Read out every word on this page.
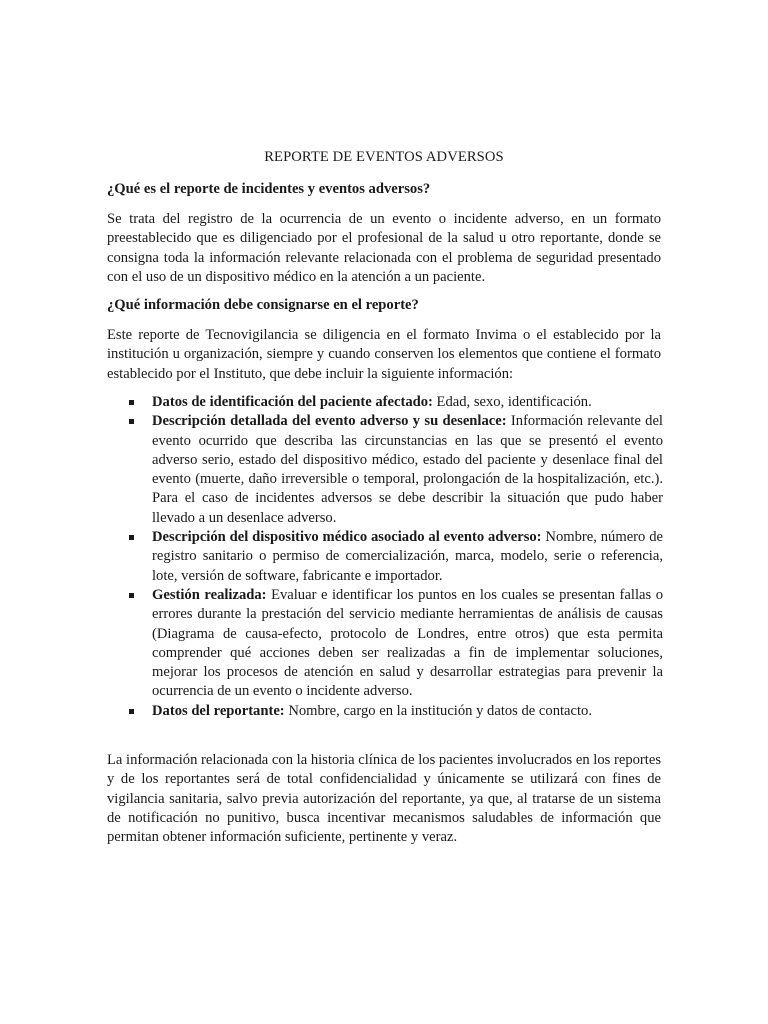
REPORTE DE EVENTOS ADVERSOS

¿Qué es el reporte de incidentes y eventos adversos?

Se trata del registro de la ocurrencia de un evento o incidente adverso, en un formato preestablecido que es diligenciado por el profesional de la salud u otro reportante, donde se consigna toda la información relevante relacionada con el problema de seguridad presentado con el uso de un dispositivo médico en la atención a un paciente.

¿Qué información debe consignarse en el reporte?

Este reporte de Tecnovigilancia se diligencia en el formato Invima o el establecido por la institución u organización, siempre y cuando conserven los elementos que contiene el formato establecido por el Instituto, que debe incluir la siguiente información:

Datos de identificación del paciente afectado: Edad, sexo, identificación.
Descripción detallada del evento adverso y su desenlace: Información relevante del evento ocurrido que describa las circunstancias en las que se presentó el evento adverso serio, estado del dispositivo médico, estado del paciente y desenlace final del evento (muerte, daño irreversible o temporal, prolongación de la hospitalización, etc.). Para el caso de incidentes adversos se debe describir la situación que pudo haber llevado a un desenlace adverso.
Descripción del dispositivo médico asociado al evento adverso: Nombre, número de registro sanitario o permiso de comercialización, marca, modelo, serie o referencia, lote, versión de software, fabricante e importador.
Gestión realizada: Evaluar e identificar los puntos en los cuales se presentan fallas o errores durante la prestación del servicio mediante herramientas de análisis de causas (Diagrama de causa-efecto, protocolo de Londres, entre otros) que esta permita comprender qué acciones deben ser realizadas a fin de implementar soluciones, mejorar los procesos de atención en salud y desarrollar estrategias para prevenir la ocurrencia de un evento o incidente adverso.
Datos del reportante: Nombre, cargo en la institución y datos de contacto.

La información relacionada con la historia clínica de los pacientes involucrados en los reportes y de los reportantes será de total confidencialidad y únicamente se utilizará con fines de vigilancia sanitaria, salvo previa autorización del reportante, ya que, al tratarse de un sistema de notificación no punitivo, busca incentivar mecanismos saludables de información que permitan obtener información suficiente, pertinente y veraz.
